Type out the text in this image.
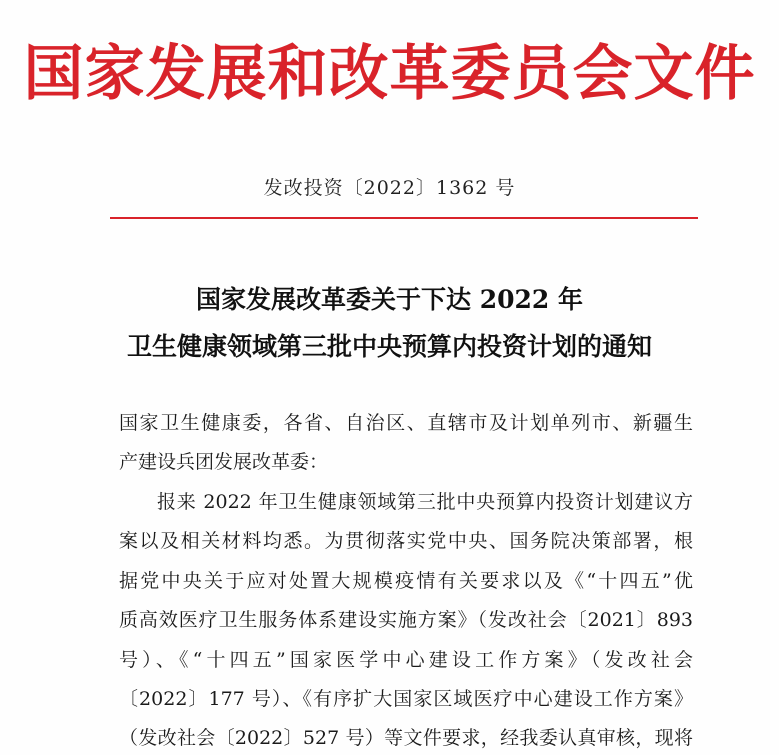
国家发展和改革委员会文件
发改投资〔2022〕1362 号
国家发展改革委关于下达 2022 年
卫生健康领域第三批中央预算内投资计划的通知
国家卫生健康委，各省、自治区、直辖市及计划单列市、新疆生
产建设兵团发展改革委：
报来 2022 年卫生健康领域第三批中央预算内投资计划建议方
案以及相关材料均悉。为贯彻落实党中央、国务院决策部署，根
据党中央关于应对处置大规模疫情有关要求以及《“十四五”优
质高效医疗卫生服务体系建设实施方案》（发改社会〔2021〕893
号）、《“十四五”国家医学中心建设工作方案》（发改社会
〔2022〕177 号）、《有序扩大国家区域医疗中心建设工作方案》
（发改社会〔2022〕527 号）等文件要求，经我委认真审核，现将
